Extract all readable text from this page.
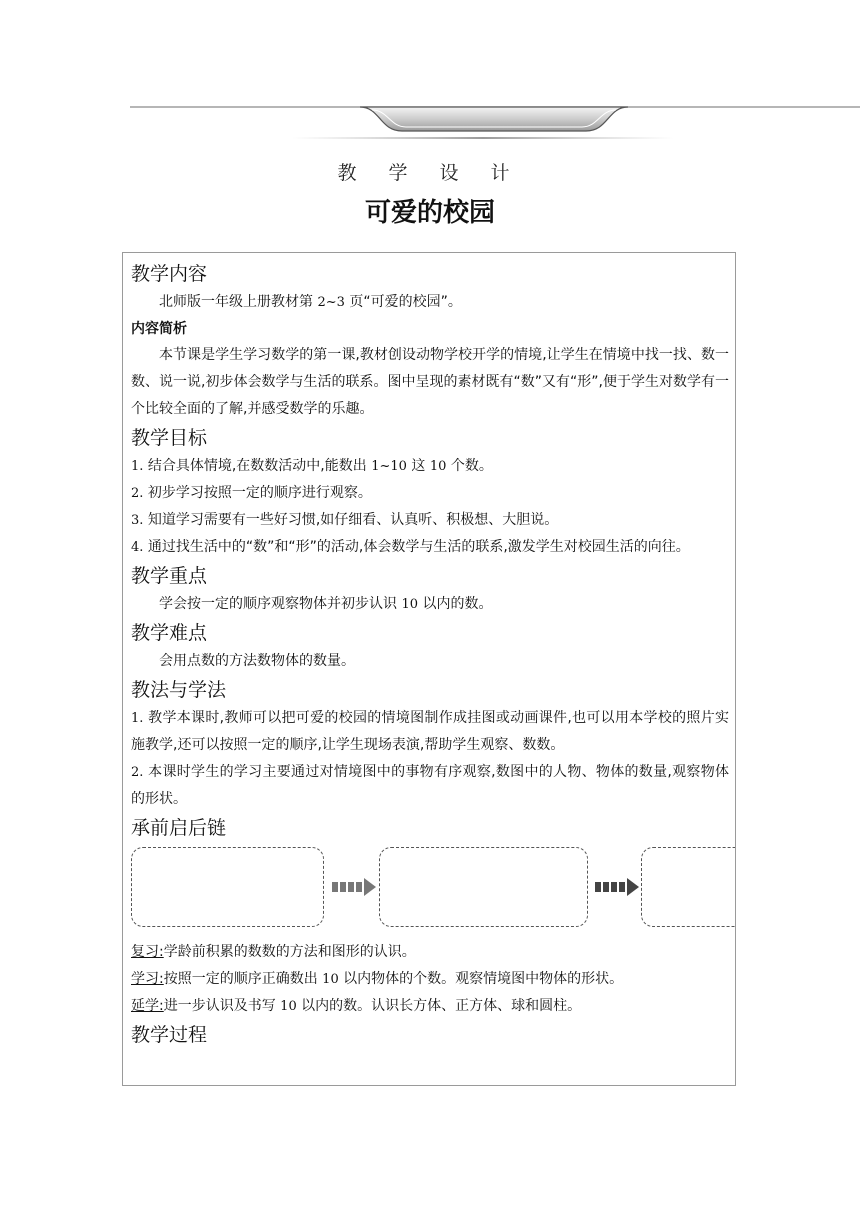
教 学 设 计
可爱的校园
教学内容

北师版一年级上册教材第 2~3 页“可爱的校园”。

内容简析

本节课是学生学习数学的第一课,教材创设动物学校开学的情境,让学生在情境中找一找、数一数、说一说,初步体会数学与生活的联系。图中呈现的素材既有“数”又有“形”,便于学生对数学有一个比较全面的了解,并感受数学的乐趣。

教学目标

1. 结合具体情境,在数数活动中,能数出 1~10 这 10 个数。

2. 初步学习按照一定的顺序进行观察。

3. 知道学习需要有一些好习惯,如仔细看、认真听、积极想、大胆说。

4. 通过找生活中的“数”和“形”的活动,体会数学与生活的联系,激发学生对校园生活的向往。

教学重点

学会按一定的顺序观察物体并初步认识 10 以内的数。

教学难点

会用点数的方法数物体的数量。

教法与学法

1. 教学本课时,教师可以把可爱的校园的情境图制作成挂图或动画课件,也可以用本学校的照片实施教学,还可以按照一定的顺序,让学生现场表演,帮助学生观察、数数。

2. 本课时学生的学习主要通过对情境图中的事物有序观察,数图中的人物、物体的数量,观察物体的形状。

承前启后链

复习:学龄前积累的数数的方法和图形的认识。

学习:按照一定的顺序正确数出 10 以内物体的个数。观察情境图中物体的形状。

延学:进一步认识及书写 10 以内的数。认识长方体、正方体、球和圆柱。

教学过程
